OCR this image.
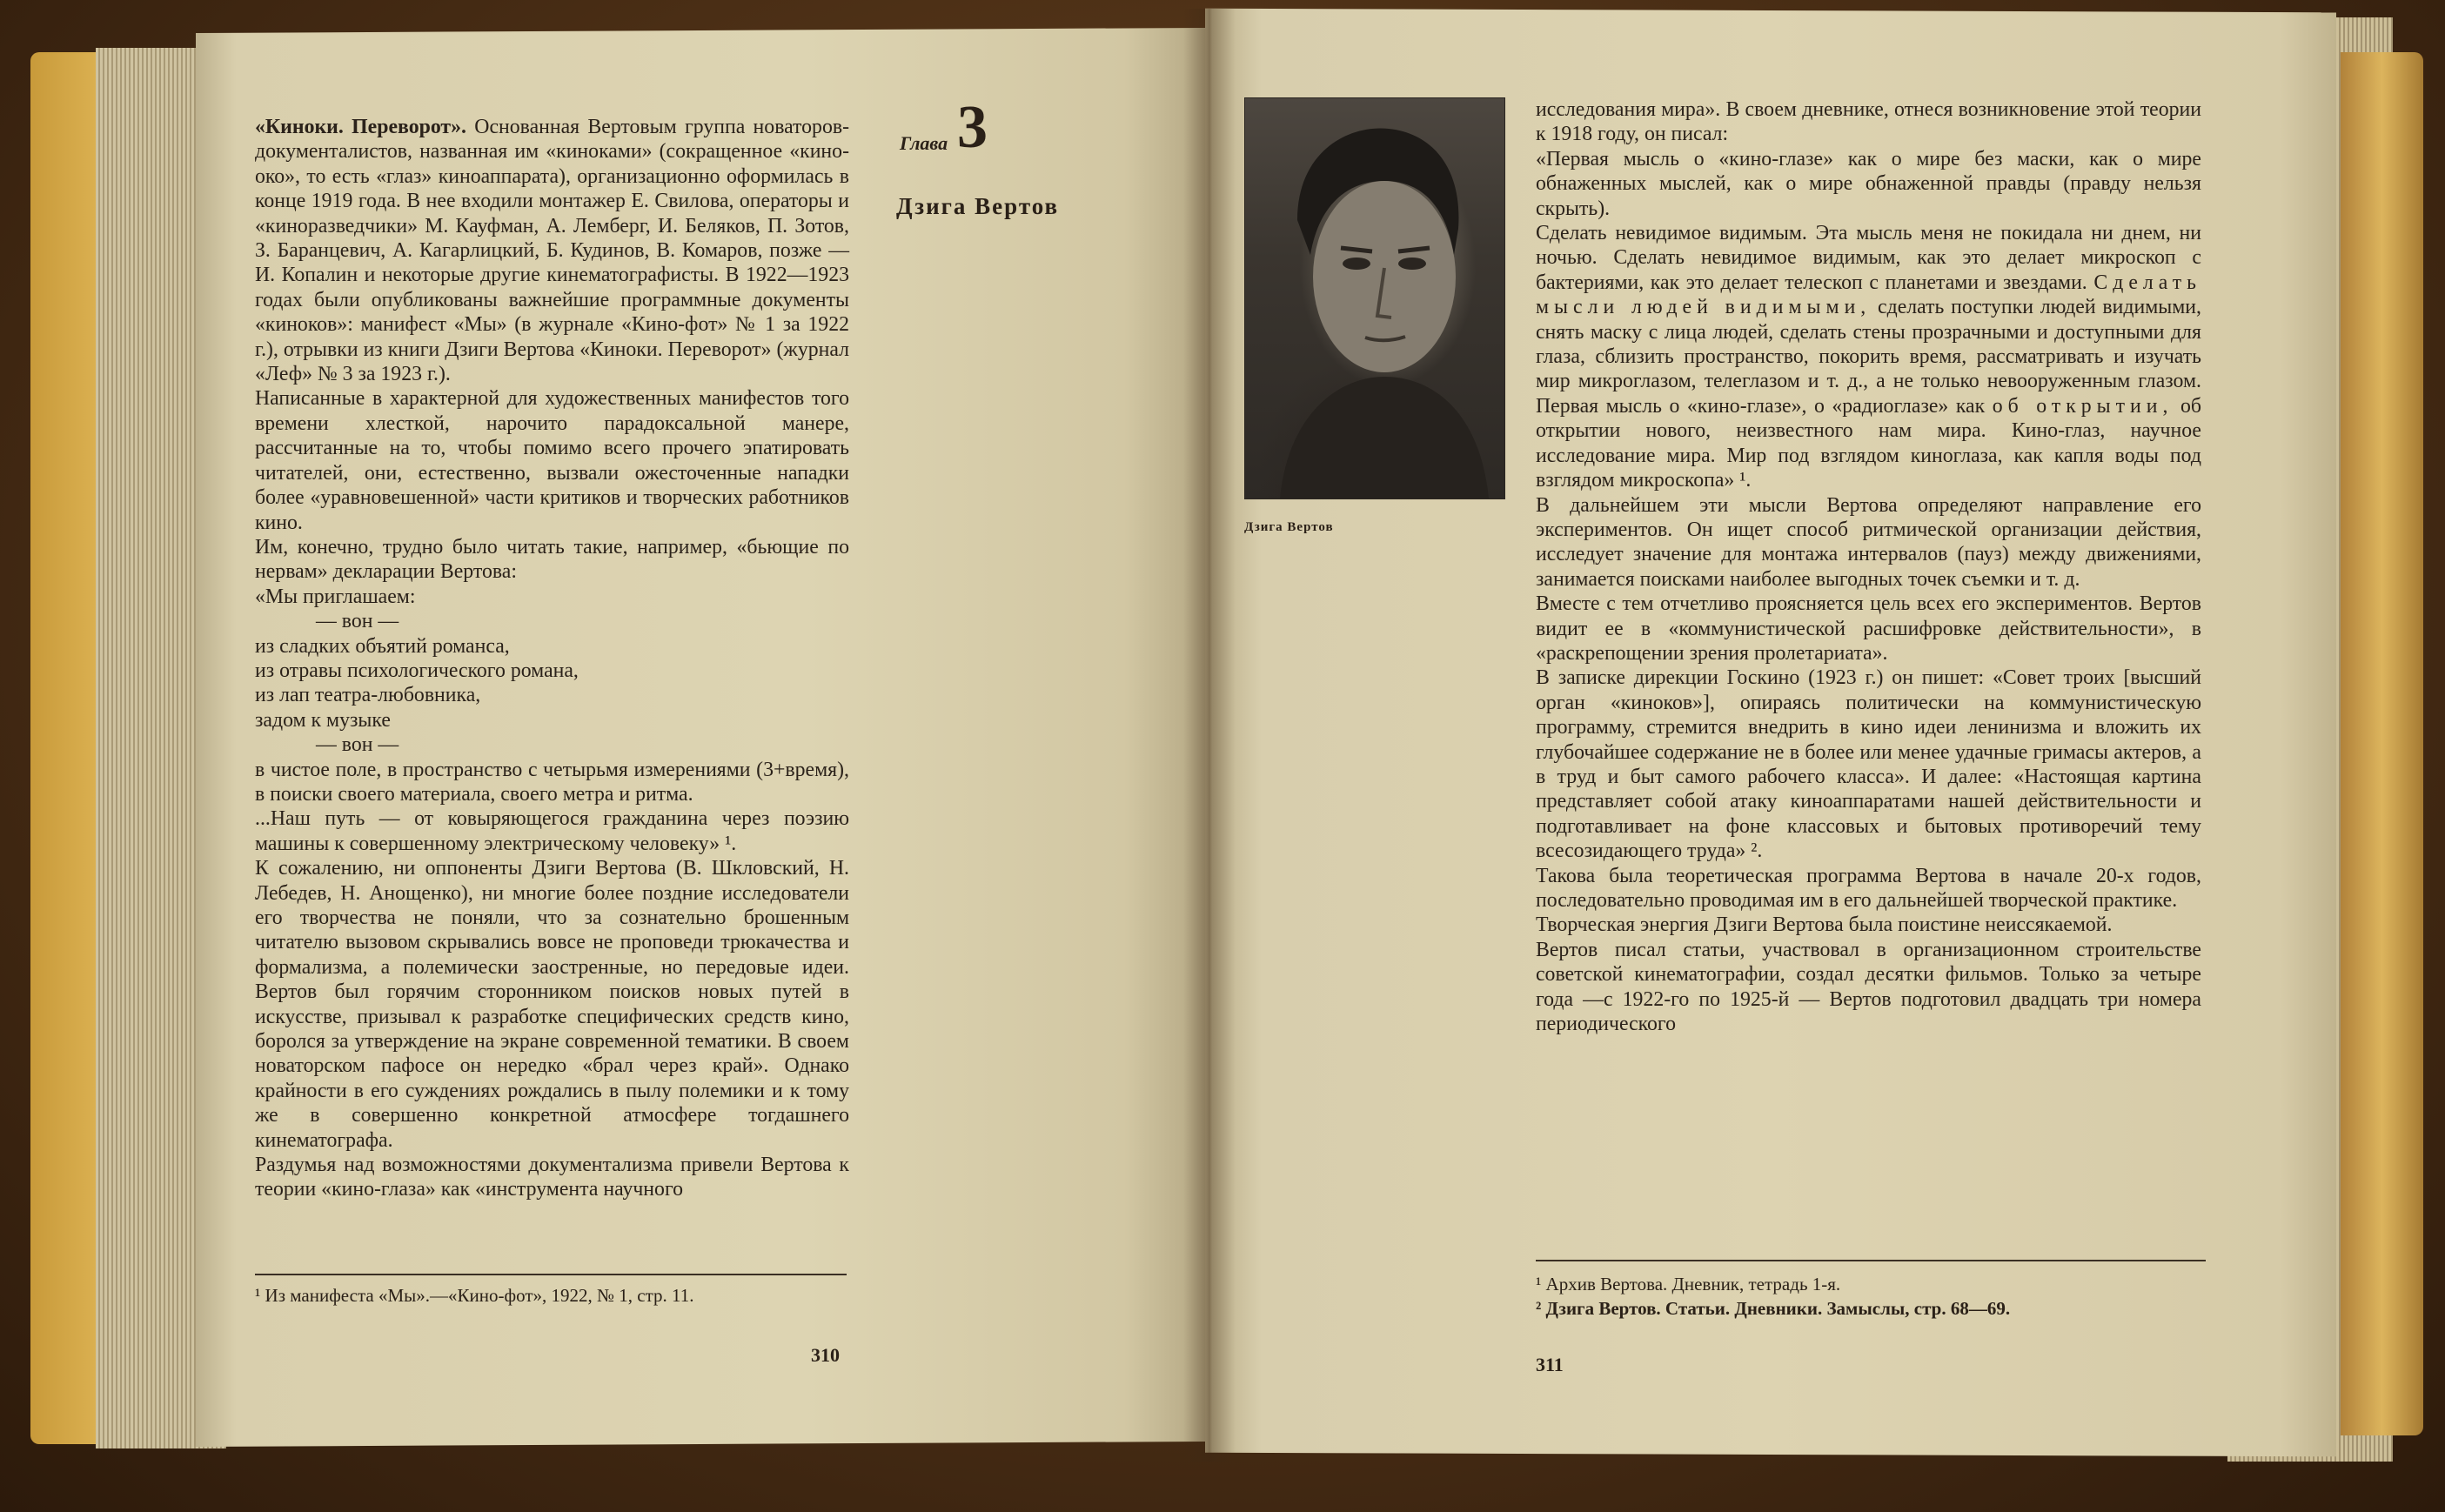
«Киноки. Переворот». Основанная Вертовым группа новаторов-документалистов, названная им «киноками» (сокращенное «кино-око», то есть «глаз» киноаппарата), организационно оформилась в конце 1919 года. В нее входили монтажер Е. Свилова, операторы и «киноразведчики» М. Кауфман, А. Лемберг, И. Беляков, П. Зотов, З. Баранцевич, А. Кагарлицкий, Б. Кудинов, В. Комаров, позже — И. Копалин и некоторые другие кинематографисты. В 1922—1923 годах были опубликованы важнейшие программные документы «киноков»: манифест «Мы» (в журнале «Кино-фот» № 1 за 1922 г.), отрывки из книги Дзиги Вертова «Киноки. Переворот» (журнал «Леф» № 3 за 1923 г.).

Написанные в характерной для художественных манифестов того времени хлесткой, нарочито парадоксальной манере, рассчитанные на то, чтобы помимо всего прочего эпатировать читателей, они, естественно, вызвали ожесточенные нападки более «уравновешенной» части критиков и творческих работников кино.

Им, конечно, трудно было читать такие, например, «бьющие по нервам» декларации Вертова:

«Мы приглашаем:
— вон —
из сладких объятий романса,
из отравы психологического романа,
из лап театра-любовника,
задом к музыке
— вон —

в чистое поле, в пространство с четырьмя измерениями (3+время), в поиски своего материала, своего метра и ритма.

...Наш путь — от ковыряющегося гражданина через поэзию машины к совершенному электрическому человеку» ¹.

К сожалению, ни оппоненты Дзиги Вертова (В. Шкловский, Н. Лебедев, Н. Анощенко), ни многие более поздние исследователи его творчества не поняли, что за сознательно брошенным читателю вызовом скрывались вовсе не проповеди трюкачества и формализма, а полемически заостренные, но передовые идеи. Вертов был горячим сторонником поисков новых путей в искусстве, призывал к разработке специфических средств кино, боролся за утверждение на экране современной тематики. В своем новаторском пафосе он нередко «брал через край». Однако крайности в его суждениях рождались в пылу полемики и к тому же в совершенно конкретной атмосфере тогдашнего кинематографа.

Раздумья над возможностями документализма привели Вертова к теории «кино-глаза» как «инструмента научного

¹ Из манифеста «Мы».—«Кино-фот», 1922, № 1, стр. 11.
310
Глава 3
Дзига Вертов
Дзига Вертов

исследования мира». В своем дневнике, отнеся возникновение этой теории к 1918 году, он писал:

«Первая мысль о «кино-глазе» как о мире без маски, как о мире обнаженных мыслей, как о мире обнаженной правды (правду нельзя скрыть).

Сделать невидимое видимым. Эта мысль меня не покидала ни днем, ни ночью. Сделать невидимое видимым, как это делает микроскоп с бактериями, как это делает телескоп с планетами и звездами. Сделать мысли людей видимыми, сделать поступки людей видимыми, снять маску с лица людей, сделать стены прозрачными и доступными для глаза, сблизить пространство, покорить время, рассматривать и изучать мир микроглазом, телеглазом и т. д., а не только невооруженным глазом. Первая мысль о «кино-глазе», о «радиоглазе» как об открытии, об открытии нового, неизвестного нам мира. Кино-глаз, научное исследование мира. Мир под взглядом киноглаза, как капля воды под взглядом микроскопа» ¹.

В дальнейшем эти мысли Вертова определяют направление его экспериментов. Он ищет способ ритмической организации действия, исследует значение для монтажа интервалов (пауз) между движениями, занимается поисками наиболее выгодных точек съемки и т. д.

Вместе с тем отчетливо проясняется цель всех его экспериментов. Вертов видит ее в «коммунистической расшифровке действительности», в «раскрепощении зрения пролетариата».

В записке дирекции Госкино (1923 г.) он пишет: «Совет троих [высший орган «киноков»], опираясь политически на коммунистическую программу, стремится внедрить в кино идеи ленинизма и вложить их глубочайшее содержание не в более или менее удачные гримасы актеров, а в труд и быт самого рабочего класса». И далее: «Настоящая картина представляет собой атаку киноаппаратами нашей действительности и подготавливает на фоне классовых и бытовых противоречий тему всесозидающего труда» ².

Такова была теоретическая программа Вертова в начале 20-х годов, последовательно проводимая им в его дальнейшей творческой практике.

Творческая энергия Дзиги Вертова была поистине неиссякаемой.

Вертов писал статьи, участвовал в организационном строительстве советской кинематографии, создал десятки фильмов. Только за четыре года —с 1922-го по 1925-й — Вертов подготовил двадцать три номера периодического

¹ Архив Вертова. Дневник, тетрадь 1-я.
² Дзига Вертов. Статьи. Дневники. Замыслы, стр. 68—69.
311
